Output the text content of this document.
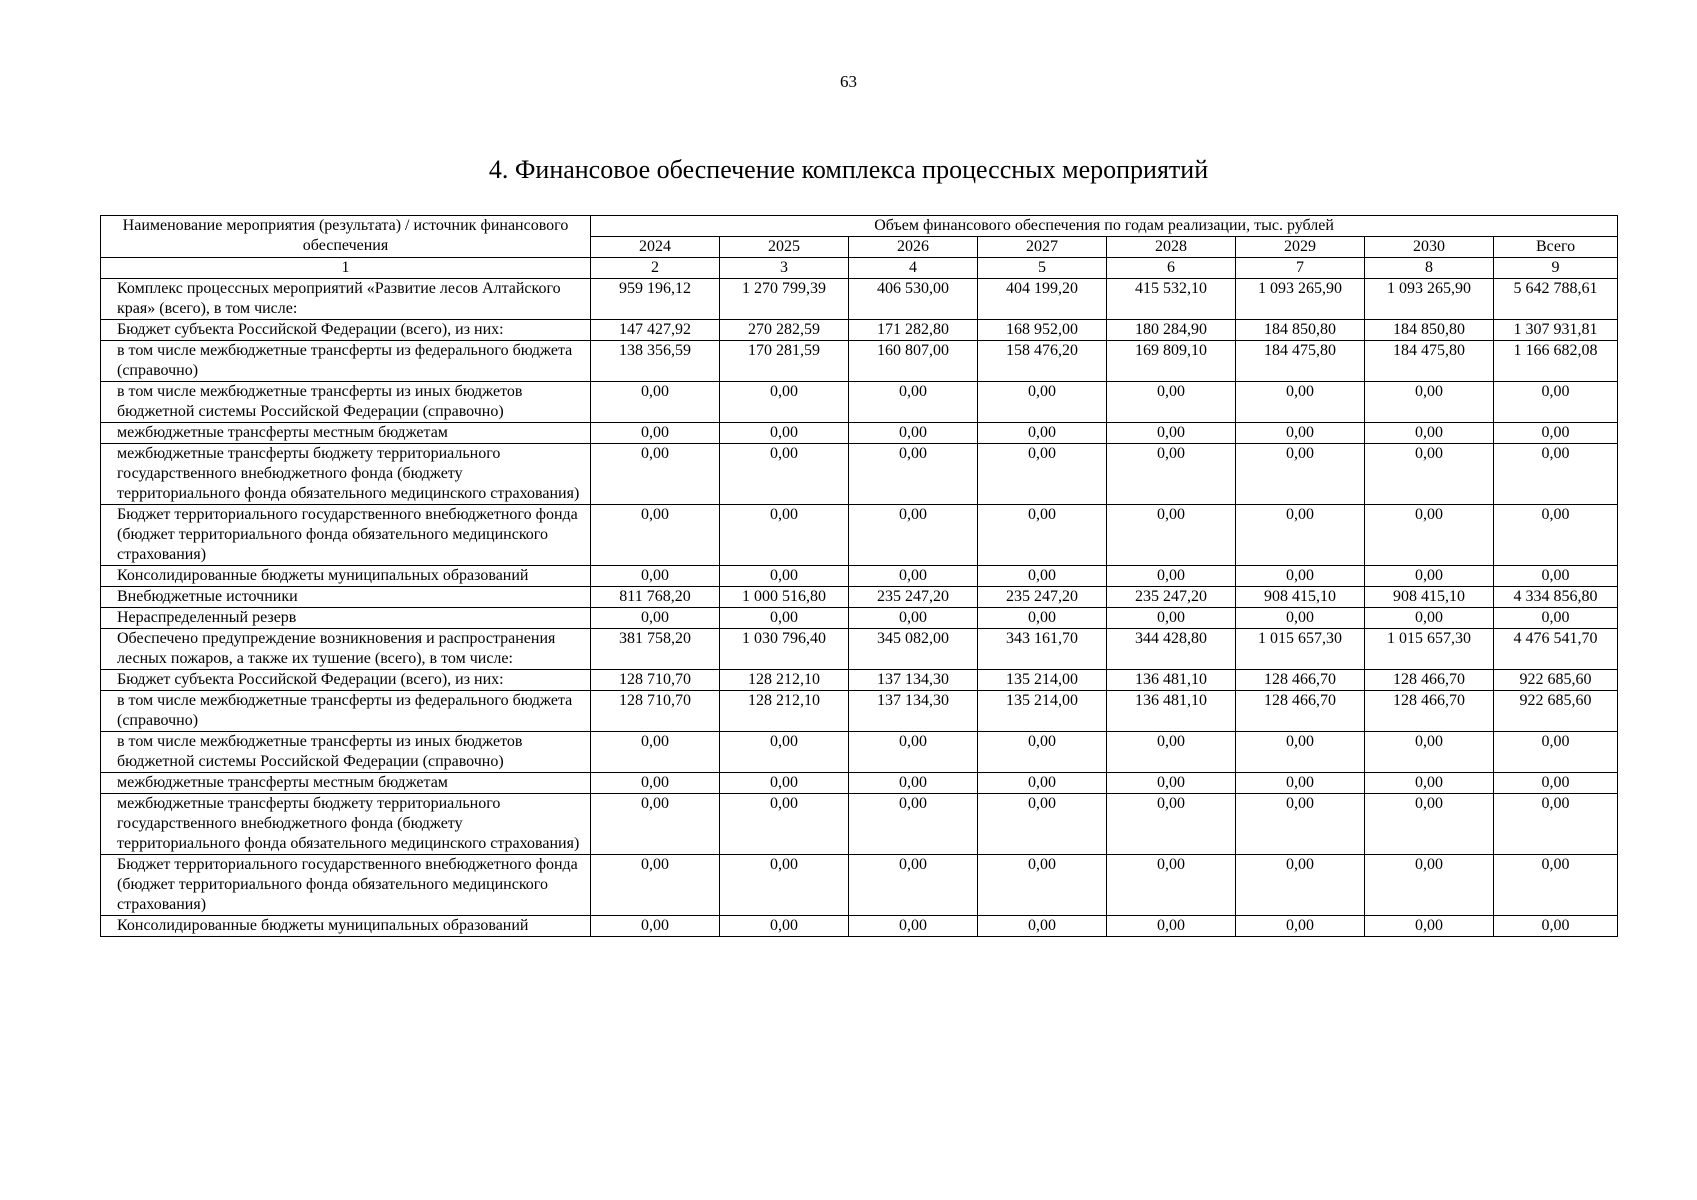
63
4. Финансовое обеспечение комплекса процессных мероприятий
Наименование мероприятия (результата) / источник финансового обеспечения	Объем финансового обеспечения по годам реализации, тыс. рублей							
	2024	2025	2026	2027	2028	2029	2030	Всего
1	2	3	4	5	6	7	8	9
Комплекс процессных мероприятий «Развитие лесов Алтайского края» (всего), в том числе:	959 196,12	1 270 799,39	406 530,00	404 199,20	415 532,10	1 093 265,90	1 093 265,90	5 642 788,61
Бюджет субъекта Российской Федерации (всего), из них:	147 427,92	270 282,59	171 282,80	168 952,00	180 284,90	184 850,80	184 850,80	1 307 931,81
в том числе межбюджетные трансферты из федерального бюджета (справочно)	138 356,59	170 281,59	160 807,00	158 476,20	169 809,10	184 475,80	184 475,80	1 166 682,08
в том числе межбюджетные трансферты из иных бюджетов бюджетной системы Российской Федерации (справочно)	0,00	0,00	0,00	0,00	0,00	0,00	0,00	0,00
межбюджетные трансферты местным бюджетам	0,00	0,00	0,00	0,00	0,00	0,00	0,00	0,00
межбюджетные трансферты бюджету территориального государственного внебюджетного фонда (бюджету территориального фонда обязательного медицинского страхования)	0,00	0,00	0,00	0,00	0,00	0,00	0,00	0,00
Бюджет территориального государственного внебюджетного фонда (бюджет территориального фонда обязательного медицинского страхования)	0,00	0,00	0,00	0,00	0,00	0,00	0,00	0,00
Консолидированные бюджеты муниципальных образований	0,00	0,00	0,00	0,00	0,00	0,00	0,00	0,00
Внебюджетные источники	811 768,20	1 000 516,80	235 247,20	235 247,20	235 247,20	908 415,10	908 415,10	4 334 856,80
Нераспределенный резерв	0,00	0,00	0,00	0,00	0,00	0,00	0,00	0,00
Обеспечено предупреждение возникновения и распространения лесных пожаров, а также их тушение (всего), в том числе:	381 758,20	1 030 796,40	345 082,00	343 161,70	344 428,80	1 015 657,30	1 015 657,30	4 476 541,70
Бюджет субъекта Российской Федерации (всего), из них:	128 710,70	128 212,10	137 134,30	135 214,00	136 481,10	128 466,70	128 466,70	922 685,60
в том числе межбюджетные трансферты из федерального бюджета (справочно)	128 710,70	128 212,10	137 134,30	135 214,00	136 481,10	128 466,70	128 466,70	922 685,60
в том числе межбюджетные трансферты из иных бюджетов бюджетной системы Российской Федерации (справочно)	0,00	0,00	0,00	0,00	0,00	0,00	0,00	0,00
межбюджетные трансферты местным бюджетам	0,00	0,00	0,00	0,00	0,00	0,00	0,00	0,00
межбюджетные трансферты бюджету территориального государственного внебюджетного фонда (бюджету территориального фонда обязательного медицинского страхования)	0,00	0,00	0,00	0,00	0,00	0,00	0,00	0,00
Бюджет территориального государственного внебюджетного фонда (бюджет территориального фонда обязательного медицинского страхования)	0,00	0,00	0,00	0,00	0,00	0,00	0,00	0,00
Консолидированные бюджеты муниципальных образований	0,00	0,00	0,00	0,00	0,00	0,00	0,00	0,00
